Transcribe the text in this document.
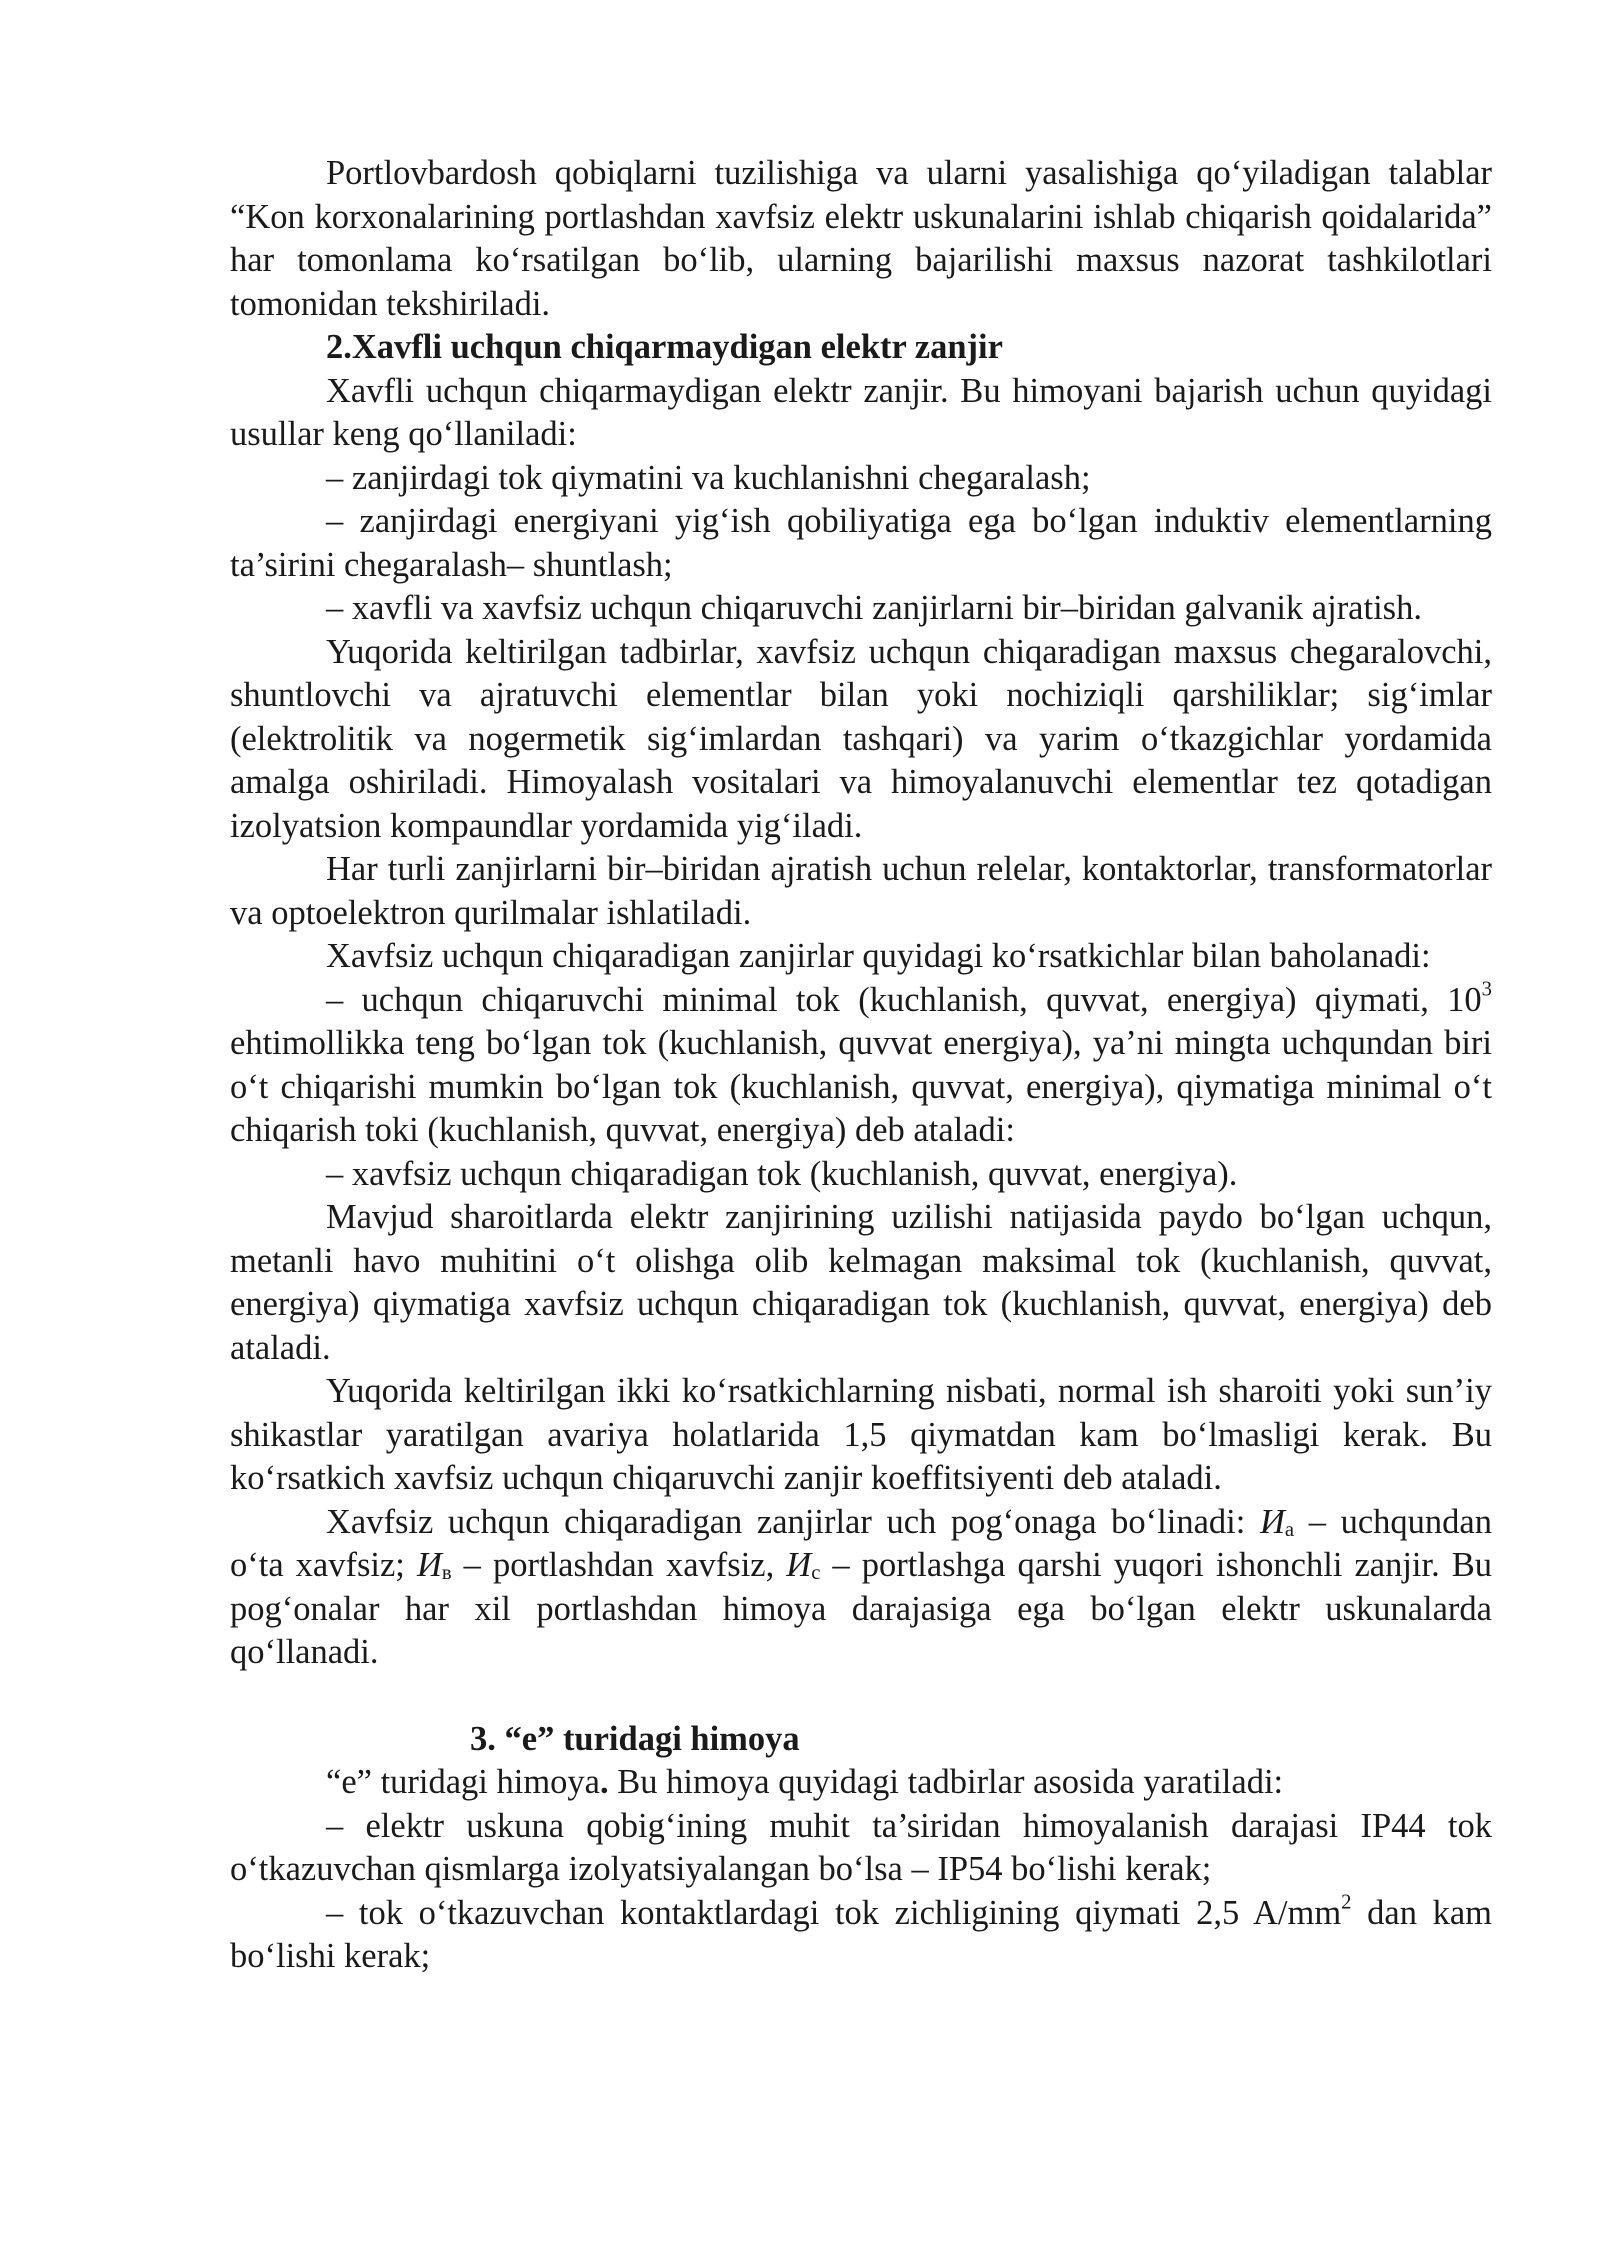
Portlovbardosh qobiqlarni tuzilishiga va ularni yasalishiga qo‘yiladigan talablar “Kon korxonalarining portlashdan xavfsiz elektr uskunalarini ishlab chiqarish qoidalarida” har tomonlama ko‘rsatilgan bo‘lib, ularning bajarilishi maxsus nazorat tashkilotlari tomonidan tekshiriladi.

2.Xavfli uchqun chiqarmaydigan elektr zanjir

Xavfli uchqun chiqarmaydigan elektr zanjir. Bu himoyani bajarish uchun quyidagi usullar keng qo‘llaniladi:

– zanjirdagi tok qiymatini va kuchlanishni chegaralash;

– zanjirdagi energiyani yig‘ish qobiliyatiga ega bo‘lgan induktiv elementlarning ta’sirini chegaralash– shuntlash;

– xavfli va xavfsiz uchqun chiqaruvchi zanjirlarni bir–biridan galvanik ajratish.

Yuqorida keltirilgan tadbirlar, xavfsiz uchqun chiqaradigan maxsus chegaralovchi, shuntlovchi va ajratuvchi elementlar bilan yoki nochiziqli qarshiliklar; sig‘imlar (elektrolitik va nogermetik sig‘imlardan tashqari) va yarim o‘tkazgichlar yordamida amalga oshiriladi. Himoyalash vositalari va himoyalanuvchi elementlar tez qotadigan izolyatsion kompaundlar yordamida yig‘iladi.

Har turli zanjirlarni bir–biridan ajratish uchun relelar, kontaktorlar, transformatorlar va optoelektron qurilmalar ishlatiladi.

Xavfsiz uchqun chiqaradigan zanjirlar quyidagi ko‘rsatkichlar bilan baholanadi:

– uchqun chiqaruvchi minimal tok (kuchlanish, quvvat, energiya) qiymati, $10^3$ ehtimollikka teng bo‘lgan tok (kuchlanish, quvvat energiya), ya’ni mingta uchqundan biri o‘t chiqarishi mumkin bo‘lgan tok (kuchlanish, quvvat, energiya), qiymatiga minimal o‘t chiqarish toki (kuchlanish, quvvat, energiya) deb ataladi:

– xavfsiz uchqun chiqaradigan tok (kuchlanish, quvvat, energiya).

Mavjud sharoitlarda elektr zanjirining uzilishi natijasida paydo bo‘lgan uchqun, metanli havo muhitini o‘t olishga olib kelmagan maksimal tok (kuchlanish, quvvat, energiya) qiymatiga xavfsiz uchqun chiqaradigan tok (kuchlanish, quvvat, energiya) deb ataladi.

Yuqorida keltirilgan ikki ko‘rsatkichlarning nisbati, normal ish sharoiti yoki sun’iy shikastlar yaratilgan avariya holatlarida 1,5 qiymatdan kam bo‘lmasligi kerak. Bu ko‘rsatkich xavfsiz uchqun chiqaruvchi zanjir koeffitsiyenti deb ataladi.

Xavfsiz uchqun chiqaradigan zanjirlar uch pog‘onaga bo‘linadi: $И_a$ – uchqundan o‘ta xavfsiz; $И_в$ – portlashdan xavfsiz, $И_c$ – portlashga qarshi yuqori ishonchli zanjir. Bu pog‘onalar har xil portlashdan himoya darajasiga ega bo‘lgan elektr uskunalarda qo‘llanadi.

3. “e” turidagi himoya

“e” turidagi himoya. Bu himoya quyidagi tadbirlar asosida yaratiladi:

– elektr uskuna qobig‘ining muhit ta’siridan himoyalanish darajasi IP44 tok o‘tkazuvchan qismlarga izolyatsiyalangan bo‘lsa – IP54 bo‘lishi kerak;

– tok o‘tkazuvchan kontaktlardagi tok zichligining qiymati 2,5 $A/mm^2$ dan kam bo‘lishi kerak;
